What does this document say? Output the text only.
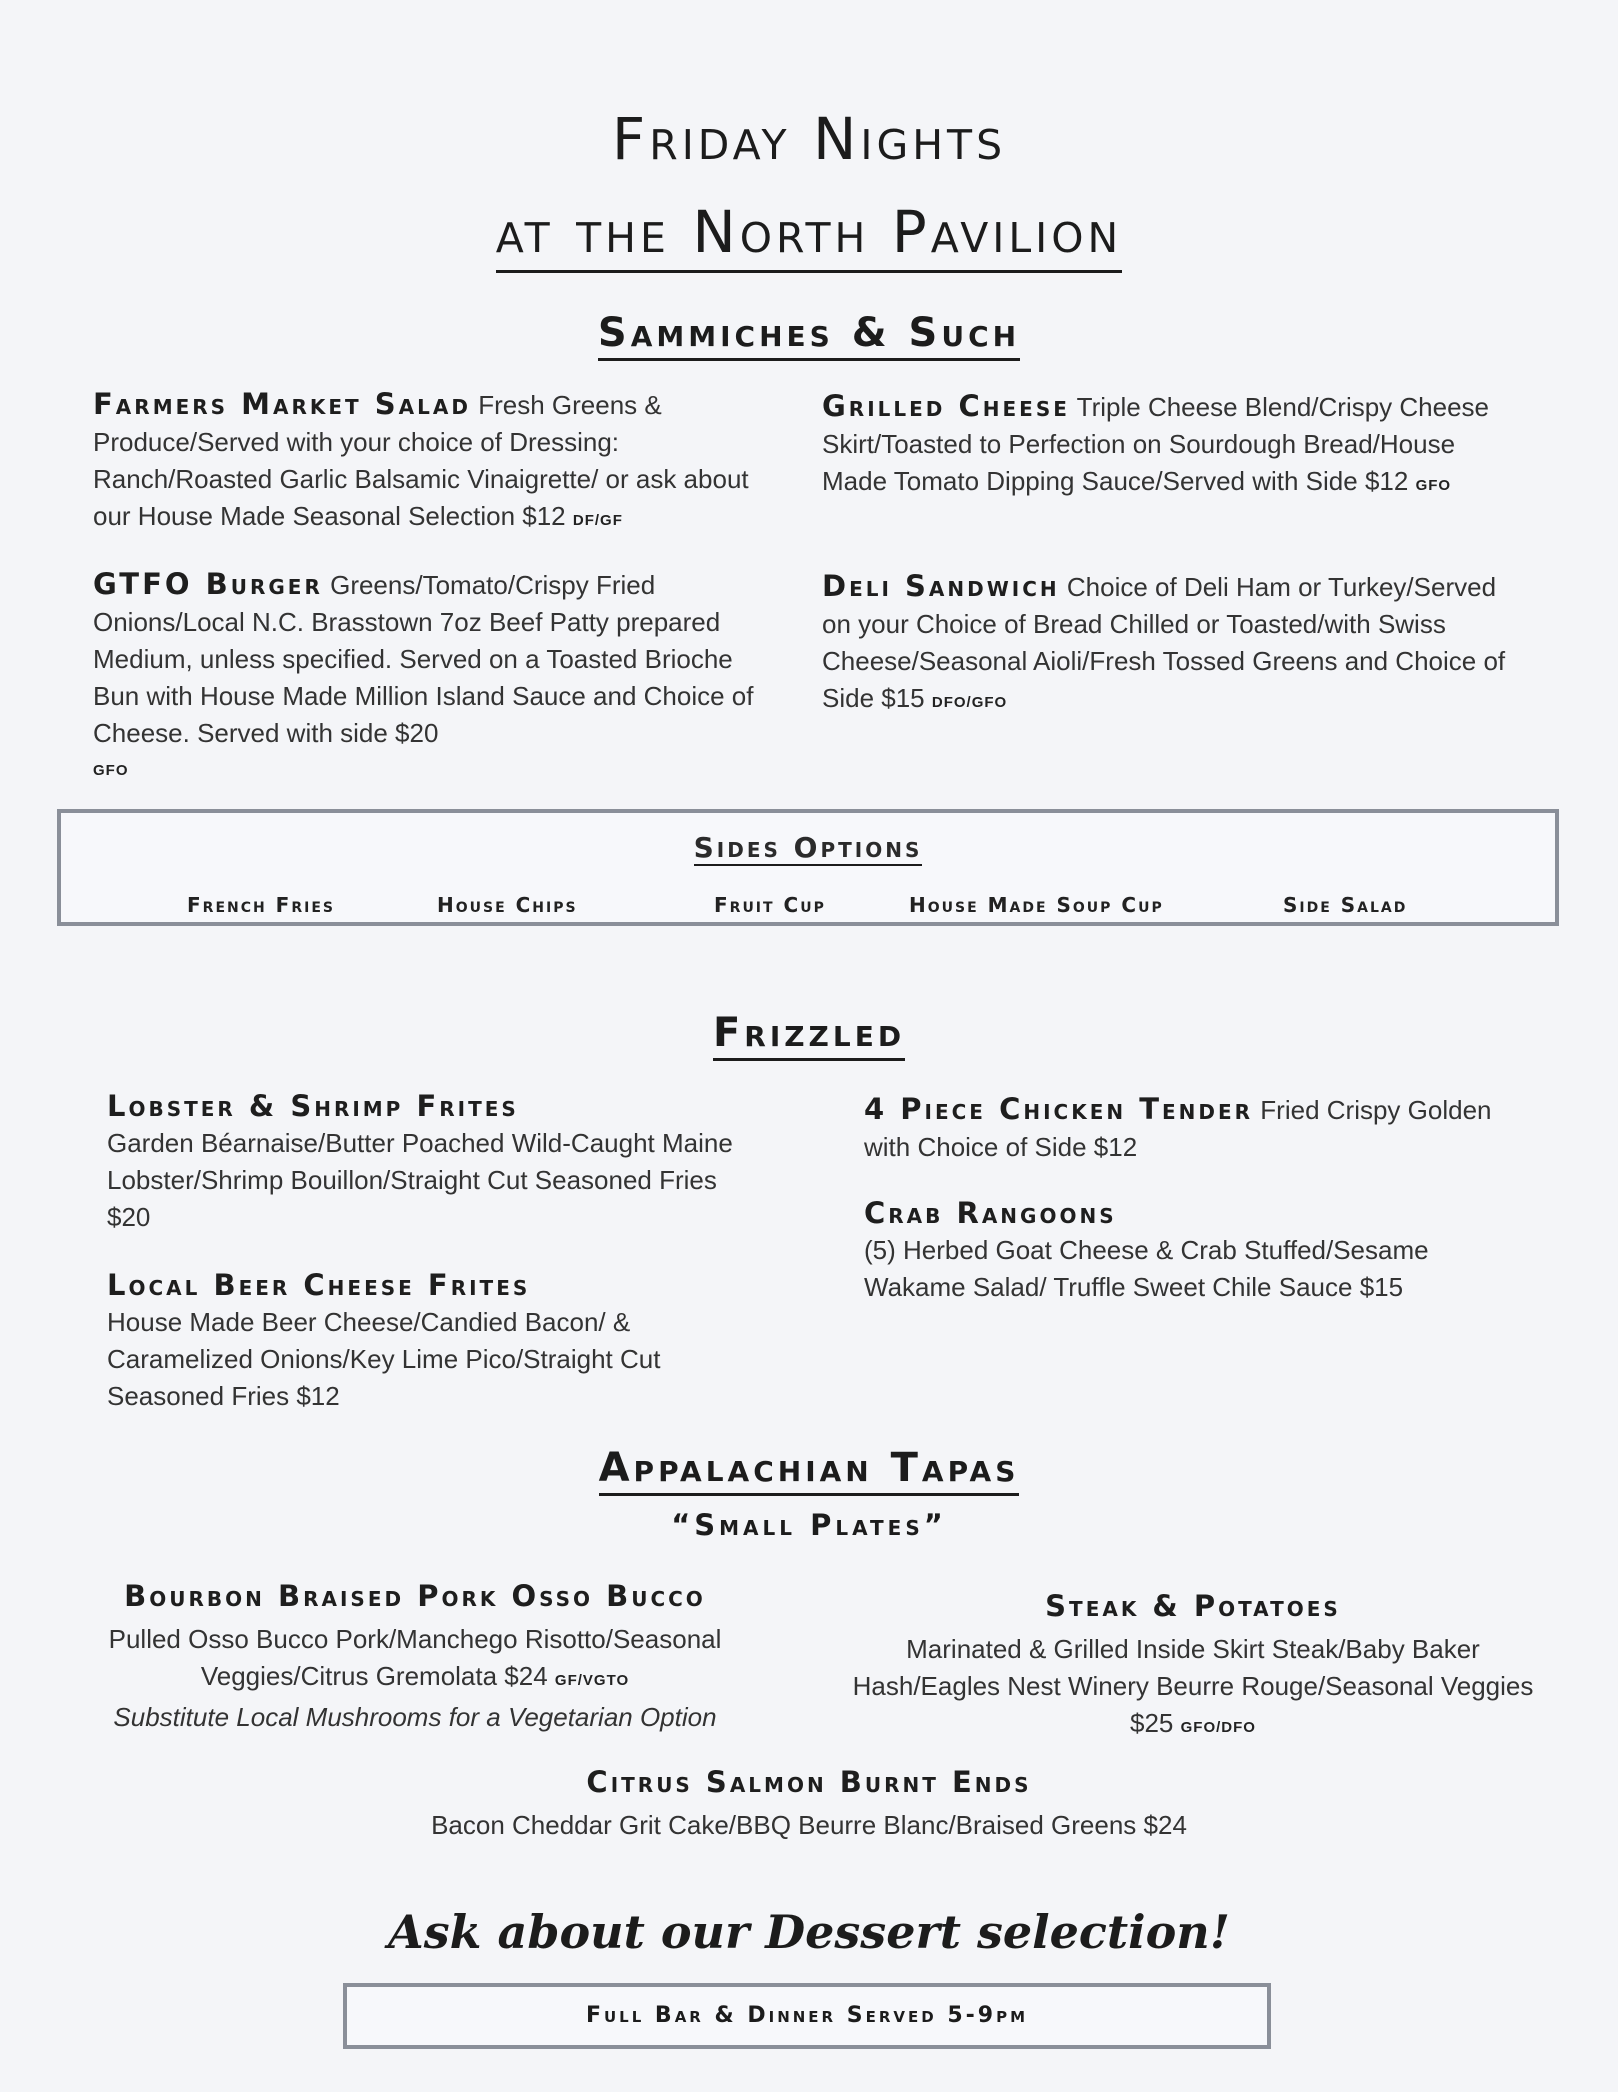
Friday Nights
at the North Pavilion
Sammiches & Such
Farmers Market Salad Fresh Greens & Produce/Served with your choice of Dressing: Ranch/Roasted Garlic Balsamic Vinaigrette/ or ask about our House Made Seasonal Selection $12 DF/GF
Grilled Cheese Triple Cheese Blend/Crispy Cheese Skirt/Toasted to Perfection on Sourdough Bread/House Made Tomato Dipping Sauce/Served with Side $12 GFO
GTFO Burger Greens/Tomato/Crispy Fried Onions/Local N.C. Brasstown 7oz Beef Patty prepared Medium, unless specified. Served on a Toasted Brioche Bun with House Made Million Island Sauce and Choice of Cheese. Served with side $20
GFO
Deli Sandwich Choice of Deli Ham or Turkey/Served on your Choice of Bread Chilled or Toasted/with Swiss Cheese/Seasonal Aioli/Fresh Tossed Greens and Choice of Side $15 DFO/GFO
Sides Options
French Fries	House Chips	Fruit Cup	House Made Soup Cup	Side Salad
Frizzled
Lobster & Shrimp Frites
Garden Béarnaise/Butter Poached Wild-Caught Maine Lobster/Shrimp Bouillon/Straight Cut Seasoned Fries $20
4 Piece Chicken Tender Fried Crispy Golden with Choice of Side $12
Crab Rangoons
(5) Herbed Goat Cheese & Crab Stuffed/Sesame Wakame Salad/ Truffle Sweet Chile Sauce $15
Local Beer Cheese Frites
House Made Beer Cheese/Candied Bacon/ & Caramelized Onions/Key Lime Pico/Straight Cut Seasoned Fries $12
Appalachian Tapas
“Small Plates”
Bourbon Braised Pork Osso Bucco
Pulled Osso Bucco Pork/Manchego Risotto/Seasonal
Veggies/Citrus Gremolata $24 GF/VGTO
Substitute Local Mushrooms for a Vegetarian Option
Steak & Potatoes
Marinated & Grilled Inside Skirt Steak/Baby Baker
Hash/Eagles Nest Winery Beurre Rouge/Seasonal Veggies
$25 GFO/DFO
Citrus Salmon Burnt Ends
Bacon Cheddar Grit Cake/BBQ Beurre Blanc/Braised Greens $24
Ask about our Dessert selection!
Full Bar & Dinner Served 5-9pm
